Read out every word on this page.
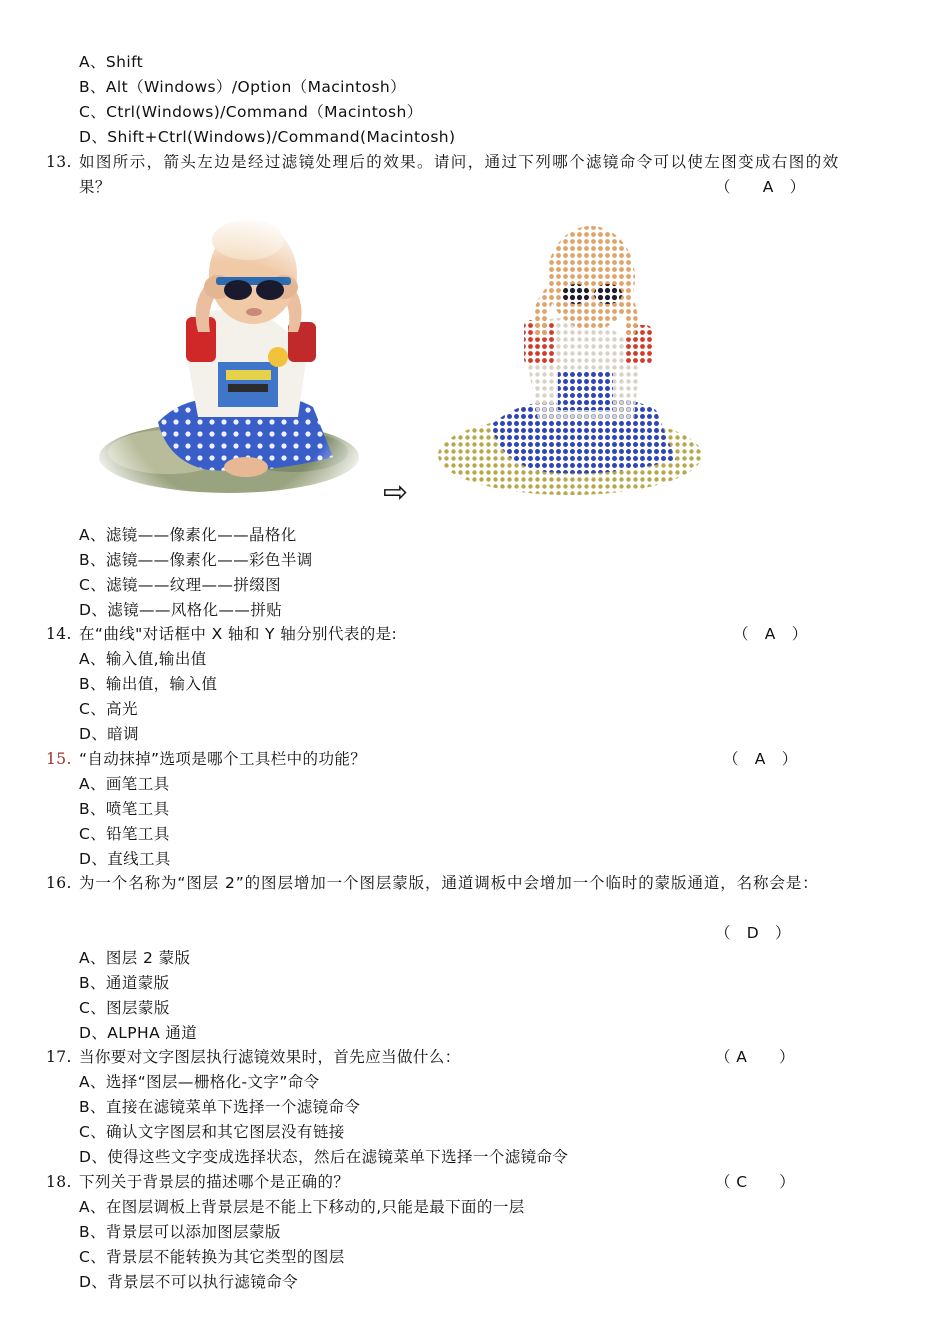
A、Shift
B、Alt（Windows）/Option（Macintosh）
C、Ctrl(Windows)/Command（Macintosh）
D、Shift+Ctrl(Windows)/Command(Macintosh)
13. 如图所示，箭头左边是经过滤镜处理后的效果。请问，通过下列哪个滤镜命令可以使左图变成右图的效
果？	（　　A　）
⇨
A、滤镜——像素化——晶格化
B、滤镜——像素化——彩色半调
C、滤镜——纹理——拼缀图
D、滤镜——风格化——拼贴
14. 在“曲线"对话框中 X 轴和 Y 轴分别代表的是:	（　A　）
A、输入值,输出值
B、输出值，输入值
C、高光
D、暗调
15. “自动抹掉”选项是哪个工具栏中的功能？	（　A　）
A、画笔工具
B、喷笔工具
C、铅笔工具
D、直线工具
16. 为一个名称为“图层 2”的图层增加一个图层蒙版，通道调板中会增加一个临时的蒙版通道，名称会是：
（　D　）
A、图层 2 蒙版
B、通道蒙版
C、图层蒙版
D、ALPHA 通道
17. 当你要对文字图层执行滤镜效果时，首先应当做什么：	（ A　　）
A、选择“图层—栅格化-文字”命令
B、直接在滤镜菜单下选择一个滤镜命令
C、确认文字图层和其它图层没有链接
D、使得这些文字变成选择状态，然后在滤镜菜单下选择一个滤镜命令
18. 下列关于背景层的描述哪个是正确的？	（ C　　）
A、在图层调板上背景层是不能上下移动的,只能是最下面的一层
B、背景层可以添加图层蒙版
C、背景层不能转换为其它类型的图层
D、背景层不可以执行滤镜命令
